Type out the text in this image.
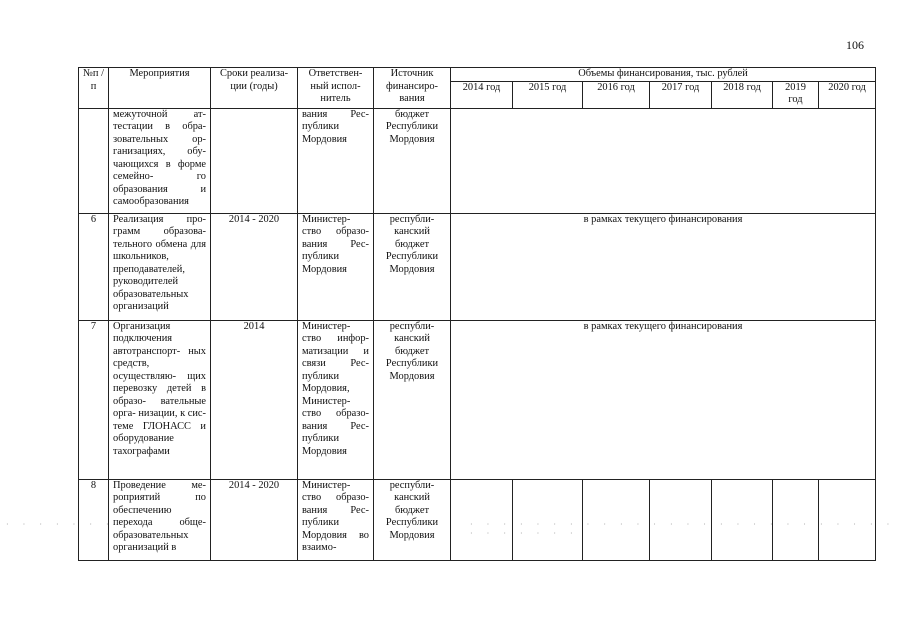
106
№п /п	Мероприятия	Сроки реализа- ции (годы)	Ответствен- ный испол- нитель	Источник финансиро- вания	Объемы финансирования, тыс. рублей						
					2014 год	2015 год	2016 год	2017 год	2018 год	2019 год	2020 год
	межуточной ат- тестации в обра- зовательных ор- ганизациях, обу- чающихся в форме семейно- го образования и самообразования		вания Рес- публики Мордовия	бюджет Республики Мордовия							
6	Реализация про- грамм образова- тельного обмена для школьников, преподавателей, руководителей образовательных организаций	2014 - 2020	Министер- ство образо- вания Рес- публики Мордовия	республи- канский бюджет Республики Мордовия	в рамках текущего финансирования						
7	Организация подключения автотранспорт- ных средств, осуществляю- щих перевозку детей в образо- вательные орга- низации, к сис- теме ГЛОНАСС и оборудование тахографами	2014	Министер- ство инфор- матизации и связи Рес- публики Мордовия, Министер- ство образо- вания Рес- публики Мордовия	республи- канский бюджет Республики Мордовия	в рамках текущего финансирования						
8	Проведение ме- роприятий по обеспечению перехода обще- образовательных организаций в	2014 - 2020	Министер- ство образо- вания Рес- публики Мордовия во взаимо-	республи- канский бюджет Республики Мордовия							
· · · · · · · · ·	· · · · · · · · · · · · · · · · · · · · · · · · · · · · · · · · ·
